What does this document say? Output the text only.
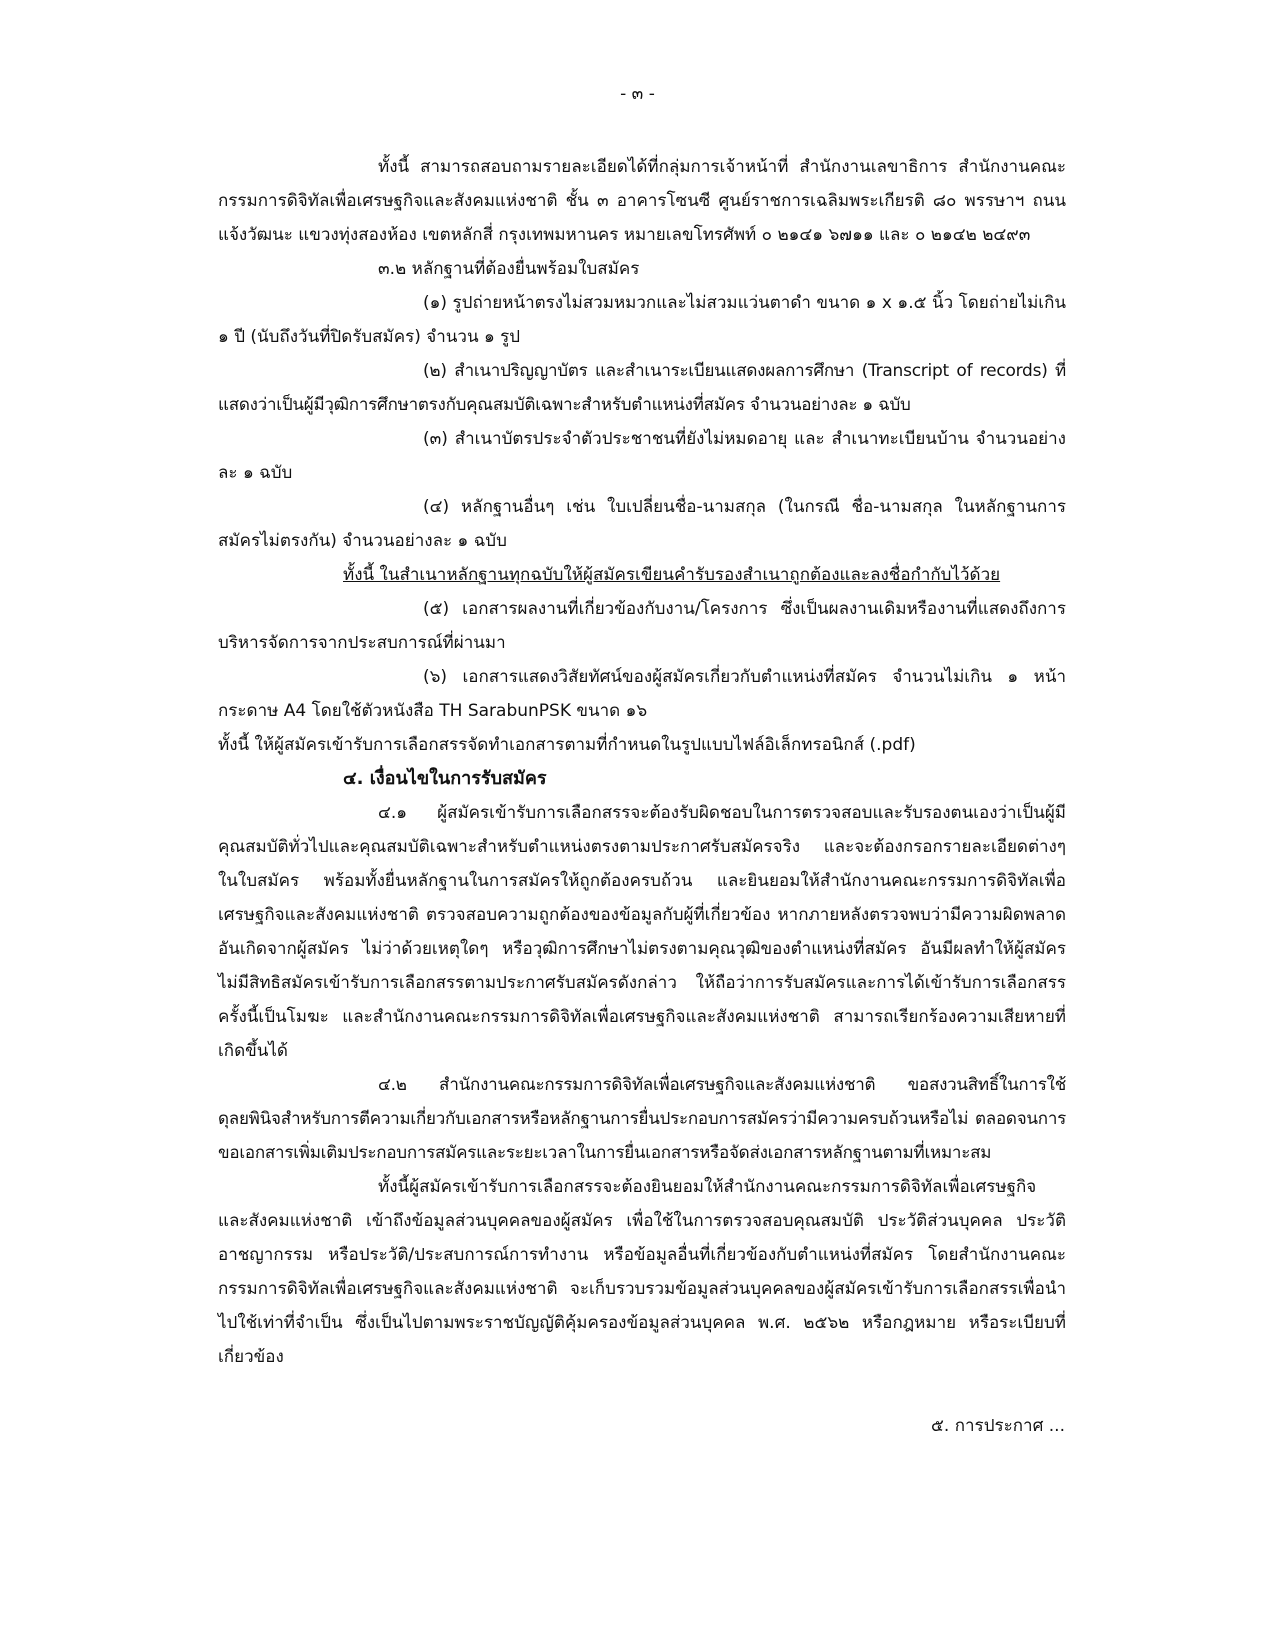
- ๓ -

ทั้งนี้ สามารถสอบถามรายละเอียดได้ที่กลุ่มการเจ้าหน้าที่ สำนักงานเลขาธิการ สำนักงานคณะกรรมการดิจิทัลเพื่อเศรษฐกิจและสังคมแห่งชาติ ชั้น ๓ อาคารโซนซี ศูนย์ราชการเฉลิมพระเกียรติ ๘๐ พรรษาฯ ถนนแจ้งวัฒนะ แขวงทุ่งสองห้อง เขตหลักสี่ กรุงเทพมหานคร หมายเลขโทรศัพท์ ๐ ๒๑๔๑ ๖๗๑๑ และ ๐ ๒๑๔๒ ๒๔๙๓

๓.๒ หลักฐานที่ต้องยื่นพร้อมใบสมัคร

(๑) รูปถ่ายหน้าตรงไม่สวมหมวกและไม่สวมแว่นตาดำ ขนาด ๑ x ๑.๕ นิ้ว โดยถ่ายไม่เกิน ๑ ปี (นับถึงวันที่ปิดรับสมัคร) จำนวน ๑ รูป

(๒) สำเนาปริญญาบัตร และสำเนาระเบียนแสดงผลการศึกษา (Transcript of records) ที่แสดงว่าเป็นผู้มีวุฒิการศึกษาตรงกับคุณสมบัติเฉพาะสำหรับตำแหน่งที่สมัคร จำนวนอย่างละ ๑ ฉบับ

(๓) สำเนาบัตรประจำตัวประชาชนที่ยังไม่หมดอายุ และ สำเนาทะเบียนบ้าน จำนวนอย่างละ ๑ ฉบับ

(๔) หลักฐานอื่นๆ เช่น ใบเปลี่ยนชื่อ-นามสกุล (ในกรณี ชื่อ-นามสกุล ในหลักฐานการสมัครไม่ตรงกัน) จำนวนอย่างละ ๑ ฉบับ

ทั้งนี้ ในสำเนาหลักฐานทุกฉบับให้ผู้สมัครเขียนคำรับรองสำเนาถูกต้องและลงชื่อกำกับไว้ด้วย

(๕) เอกสารผลงานที่เกี่ยวข้องกับงาน/โครงการ ซึ่งเป็นผลงานเดิมหรืองานที่แสดงถึงการบริหารจัดการจากประสบการณ์ที่ผ่านมา

(๖) เอกสารแสดงวิสัยทัศน์ของผู้สมัครเกี่ยวกับตำแหน่งที่สมัคร จำนวนไม่เกิน ๑ หน้ากระดาษ A4 โดยใช้ตัวหนังสือ TH SarabunPSK ขนาด ๑๖

ทั้งนี้ ให้ผู้สมัครเข้ารับการเลือกสรรจัดทำเอกสารตามที่กำหนดในรูปแบบไฟล์อิเล็กทรอนิกส์ (.pdf)

๔. เงื่อนไขในการรับสมัคร

๔.๑ ผู้สมัครเข้ารับการเลือกสรรจะต้องรับผิดชอบในการตรวจสอบและรับรองตนเองว่าเป็นผู้มีคุณสมบัติทั่วไปและคุณสมบัติเฉพาะสำหรับตำแหน่งตรงตามประกาศรับสมัครจริง และจะต้องกรอกรายละเอียดต่างๆ ในใบสมัคร พร้อมทั้งยื่นหลักฐานในการสมัครให้ถูกต้องครบถ้วน และยินยอมให้สำนักงานคณะกรรมการดิจิทัลเพื่อเศรษฐกิจและสังคมแห่งชาติ ตรวจสอบความถูกต้องของข้อมูลกับผู้ที่เกี่ยวข้อง หากภายหลังตรวจพบว่ามีความผิดพลาดอันเกิดจากผู้สมัคร ไม่ว่าด้วยเหตุใดๆ หรือวุฒิการศึกษาไม่ตรงตามคุณวุฒิของตำแหน่งที่สมัคร อันมีผลทำให้ผู้สมัครไม่มีสิทธิสมัครเข้ารับการเลือกสรรตามประกาศรับสมัครดังกล่าว ให้ถือว่าการรับสมัครและการได้เข้ารับการเลือกสรรครั้งนี้เป็นโมฆะ และสำนักงานคณะกรรมการดิจิทัลเพื่อเศรษฐกิจและสังคมแห่งชาติ สามารถเรียกร้องความเสียหายที่เกิดขึ้นได้

๔.๒ สำนักงานคณะกรรมการดิจิทัลเพื่อเศรษฐกิจและสังคมแห่งชาติ ขอสงวนสิทธิ์ในการใช้ดุลยพินิจสำหรับการตีความเกี่ยวกับเอกสารหรือหลักฐานการยื่นประกอบการสมัครว่ามีความครบถ้วนหรือไม่ ตลอดจนการขอเอกสารเพิ่มเติมประกอบการสมัครและระยะเวลาในการยื่นเอกสารหรือจัดส่งเอกสารหลักฐานตามที่เหมาะสม

ทั้งนี้ผู้สมัครเข้ารับการเลือกสรรจะต้องยินยอมให้สำนักงานคณะกรรมการดิจิทัลเพื่อเศรษฐกิจและสังคมแห่งชาติ เข้าถึงข้อมูลส่วนบุคคลของผู้สมัคร เพื่อใช้ในการตรวจสอบคุณสมบัติ ประวัติส่วนบุคคล ประวัติอาชญากรรม หรือประวัติ/ประสบการณ์การทำงาน หรือข้อมูลอื่นที่เกี่ยวข้องกับตำแหน่งที่สมัคร โดยสำนักงานคณะกรรมการดิจิทัลเพื่อเศรษฐกิจและสังคมแห่งชาติ จะเก็บรวบรวมข้อมูลส่วนบุคคลของผู้สมัครเข้ารับการเลือกสรรเพื่อนำไปใช้เท่าที่จำเป็น ซึ่งเป็นไปตามพระราชบัญญัติคุ้มครองข้อมูลส่วนบุคคล พ.ศ. ๒๕๖๒ หรือกฎหมาย หรือระเบียบที่เกี่ยวข้อง

๕. การประกาศ ...
